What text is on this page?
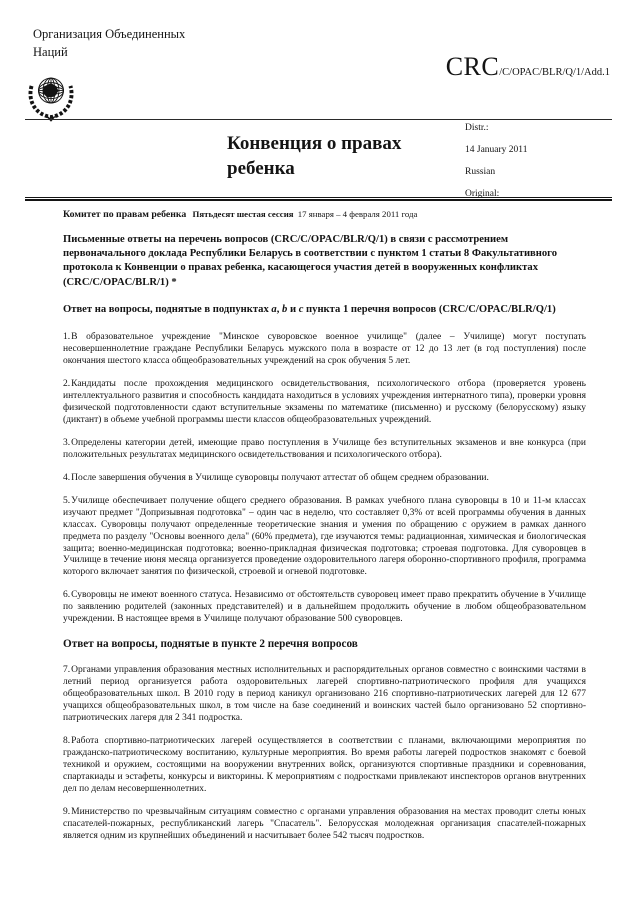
Организация Объединенных
Наций
CRC/C/OPAC/BLR/Q/1/Add.1
Конвенция о правах
ребенка

Distr.:

14 January 2011

Russian

Original:

Комитет по правам ребенка Пятьдесят шестая сессия 17 января – 4 февраля 2011 года

Письменные ответы на перечень вопросов (CRC/C/OPAC/BLR/Q/1) в связи с рассмотрением первоначального доклада Республики Беларусь в соответствии с пунктом 1 статьи 8 Факультативного протокола к Конвенции о правах ребенка, касающегося участия детей в вооруженных конфликтах (CRC/C/OPAC/BLR/1) *

Ответ на вопросы, поднятые в подпунктах a, b и c пункта 1 перечня вопросов (CRC/C/OPAC/BLR/Q/1)

1.В образовательное учреждение "Минское суворовское военное училище" (далее – Училище) могут поступать несовершеннолетние граждане Республики Беларусь мужского пола в возрасте от 12 до 13 лет (в год поступления) после окончания шестого класса общеобразовательных учреждений на срок обучения 5 лет.

2.Кандидаты после прохождения медицинского освидетельствования, психологического отбора (проверяется уровень интеллектуального развития и способность кандидата находиться в условиях учреждения интернатного типа), проверки уровня физической подготовленности сдают вступительные экзамены по математике (письменно) и русскому (белорусскому) языку (диктант) в объеме учебной программы шести классов общеобразовательных учреждений.

3.Определены категории детей, имеющие право поступления в Училище без вступительных экзаменов и вне конкурса (при положительных результатах медицинского освидетельствования и психологического отбора).

4.После завершения обучения в Училище суворовцы получают аттестат об общем среднем образовании.

5.Училище обеспечивает получение общего среднего образования. В рамках учебного плана суворовцы в 10 и 11-м классах изучают предмет "Допризывная подготовка" – один час в неделю, что составляет 0,3% от всей программы обучения в данных классах. Суворовцы получают определенные теоретические знания и умения по обращению с оружием в рамках данного предмета по разделу "Основы военного дела" (60% предмета), где изучаются темы: радиационная, химическая и биологическая защита; военно-медицинская подготовка; военно-прикладная физическая подготовка; строевая подготовка. Для суворовцев в Училище в течение июня месяца организуется проведение оздоровительного лагеря оборонно-спортивного профиля, программа которого включает занятия по физической, строевой и огневой подготовке.

6.Суворовцы не имеют военного статуса. Независимо от обстоятельств суворовец имеет право прекратить обучение в Училище по заявлению родителей (законных представителей) и в дальнейшем продолжить обучение в любом общеобразовательном учреждении. В настоящее время в Училище получают образование 500 суворовцев.

Ответ на вопросы, поднятые в пункте 2 перечня вопросов

7.Органами управления образования местных исполнительных и распорядительных органов совместно с воинскими частями в летний период организуется работа оздоровительных лагерей спортивно-патриотического профиля для учащихся общеобразовательных школ. В 2010 году в период каникул организовано 216 спортивно-патриотических лагерей для 12 677 учащихся общеобразовательных школ, в том числе на базе соединений и воинских частей было организовано 52 спортивно-патриотических лагеря для 2 341 подростка.

8.Работа спортивно-патриотических лагерей осуществляется в соответствии с планами, включающими мероприятия по гражданско-патриотическому воспитанию, культурные мероприятия. Во время работы лагерей подростков знакомят с боевой техникой и оружием, состоящими на вооружении внутренних войск, организуются спортивные праздники и соревнования, спартакиады и эстафеты, конкурсы и викторины. К мероприятиям с подростками привлекают инспекторов органов внутренних дел по делам несовершеннолетних.

9.Министерство по чрезвычайным ситуациям совместно с органами управления образования на местах проводит слеты юных спасателей-пожарных, республиканский лагерь "Спасатель". Белорусская молодежная организация спасателей-пожарных является одним из крупнейших объединений и насчитывает более 542 тысяч подростков.
